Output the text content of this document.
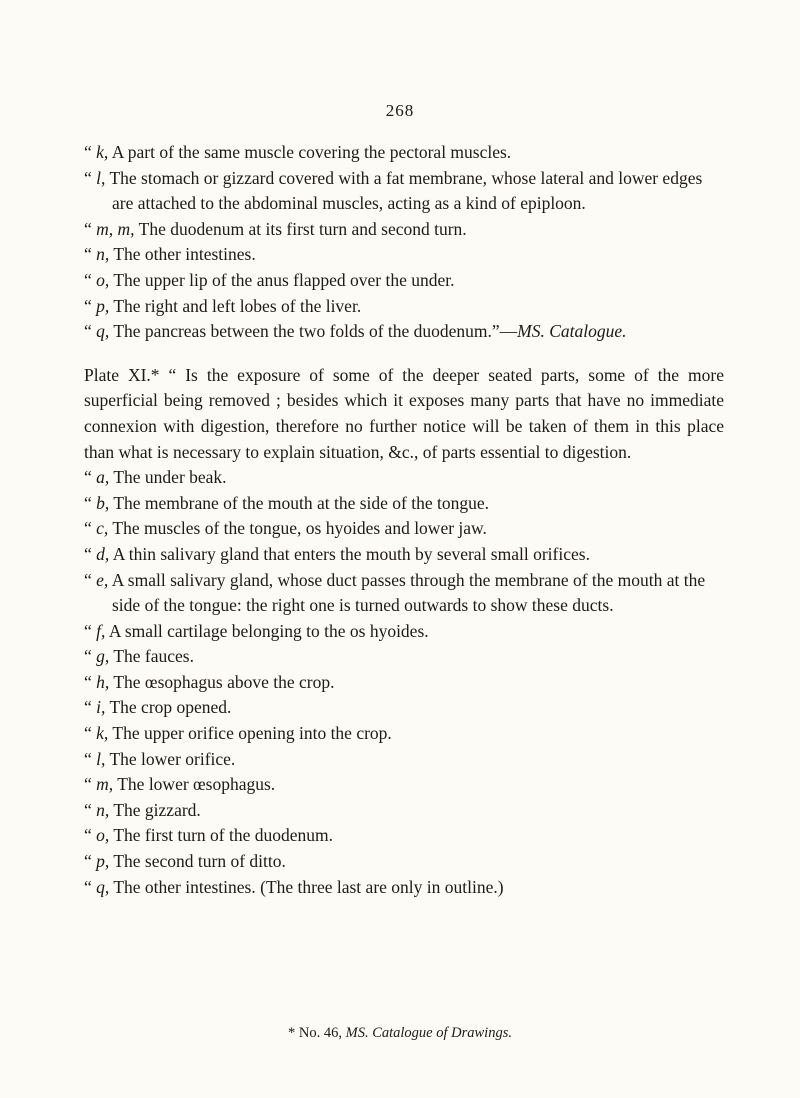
268

“ k, A part of the same muscle covering the pectoral muscles.

“ l, The stomach or gizzard covered with a fat membrane, whose lateral and lower edges are attached to the abdominal muscles, acting as a kind of epiploon.

“ m, m, The duodenum at its first turn and second turn.

“ n, The other intestines.

“ o, The upper lip of the anus flapped over the under.

“ p, The right and left lobes of the liver.

“ q, The pancreas between the two folds of the duodenum.”—MS. Catalogue.

Plate XI.* “ Is the exposure of some of the deeper seated parts, some of the more superficial being removed ; besides which it exposes many parts that have no immediate connexion with digestion, therefore no further notice will be taken of them in this place than what is necessary to explain situation, &c., of parts essential to digestion.

“ a, The under beak.

“ b, The membrane of the mouth at the side of the tongue.

“ c, The muscles of the tongue, os hyoides and lower jaw.

“ d, A thin salivary gland that enters the mouth by several small orifices.

“ e, A small salivary gland, whose duct passes through the membrane of the mouth at the side of the tongue: the right one is turned outwards to show these ducts.

“ f, A small cartilage belonging to the os hyoides.

“ g, The fauces.

“ h, The œsophagus above the crop.

“ i, The crop opened.

“ k, The upper orifice opening into the crop.

“ l, The lower orifice.

“ m, The lower œsophagus.

“ n, The gizzard.

“ o, The first turn of the duodenum.

“ p, The second turn of ditto.

“ q, The other intestines. (The three last are only in outline.)

* No. 46, MS. Catalogue of Drawings.
